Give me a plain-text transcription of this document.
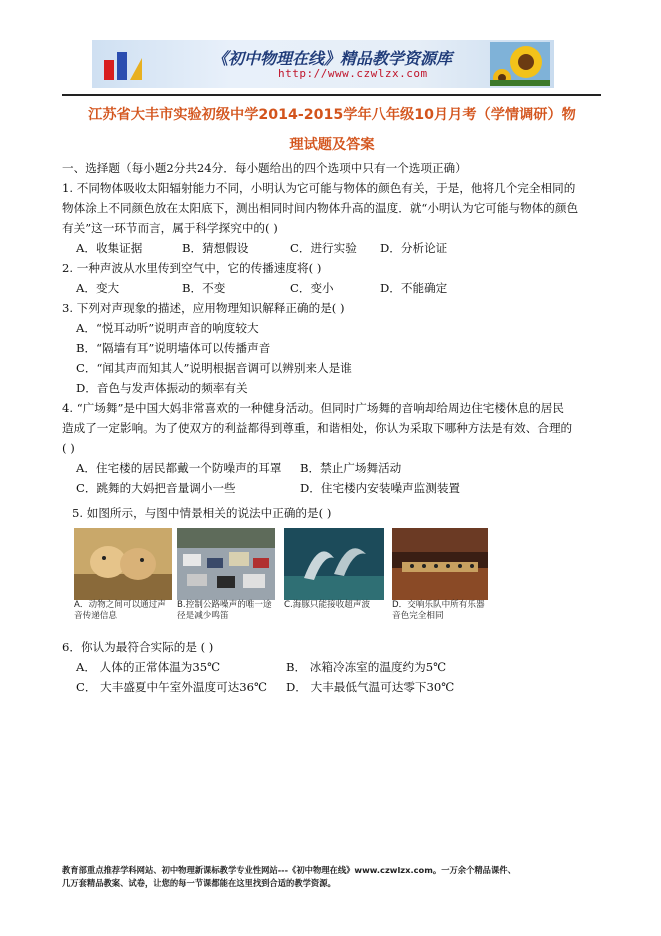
《初中物理在线》精品教学资源库
http://www.czwlzx.com
江苏省大丰市实验初级中学2014-2015学年八年级10月月考（学情调研）物
理试题及答案
一、选择题（每小题2分共24分．每小题给出的四个选项中只有一个选项正确）
1. 不同物体吸收太阳辐射能力不同，小明认为它可能与物体的颜色有关，于是，他将几个完全相同的
物体涂上不同颜色放在太阳底下，测出相同时间内物体升高的温度．就“小明认为它可能与物体的颜色
有关”这一环节而言，属于科学探究中的( )
A．收集证据	B．猜想假设	C．进行实验 D．分析论证
2. 一种声波从水里传到空气中，它的传播速度将( )
A．变大	B．不变	C．变小	D．不能确定
3. 下列对声现象的描述，应用物理知识解释正确的是( )
A．“悦耳动听”说明声音的响度较大
B．“隔墙有耳”说明墙体可以传播声音
C．“闻其声而知其人”说明根据音调可以辨别来人是谁
D．音色与发声体振动的频率有关
4. “广场舞”是中国大妈非常喜欢的一种健身活动。但同时广场舞的音响却给周边住宅楼休息的居民
造成了一定影响。为了使双方的利益都得到尊重，和谐相处，你认为采取下哪种方法是有效、合理的
( )
A．住宅楼的居民都戴一个防噪声的耳罩 B．禁止广场舞活动
C．跳舞的大妈把音量调小一些	D．住宅楼内安装噪声监测装置
5. 如图所示，与图中情景相关的说法中正确的是( )
A．动物之间可以通过声音传递信息
B.控制公路噪声的唯一途径是减少鸣笛
C.海豚只能接收超声波	D．交响乐队中所有乐器音色完全相同
6．你认为最符合实际的是 ( )
A． 人体的正常体温为35℃	B． 冰箱冷冻室的温度约为5℃
C． 大丰盛夏中午室外温度可达36℃ D． 大丰最低气温可达零下30℃
教育部重点推荐学科网站、初中物理新课标教学专业性网站---《初中物理在线》www.czwlzx.com。一万余个精品课件、
几万套精品教案、试卷，让您的每一节课都能在这里找到合适的教学资源。
